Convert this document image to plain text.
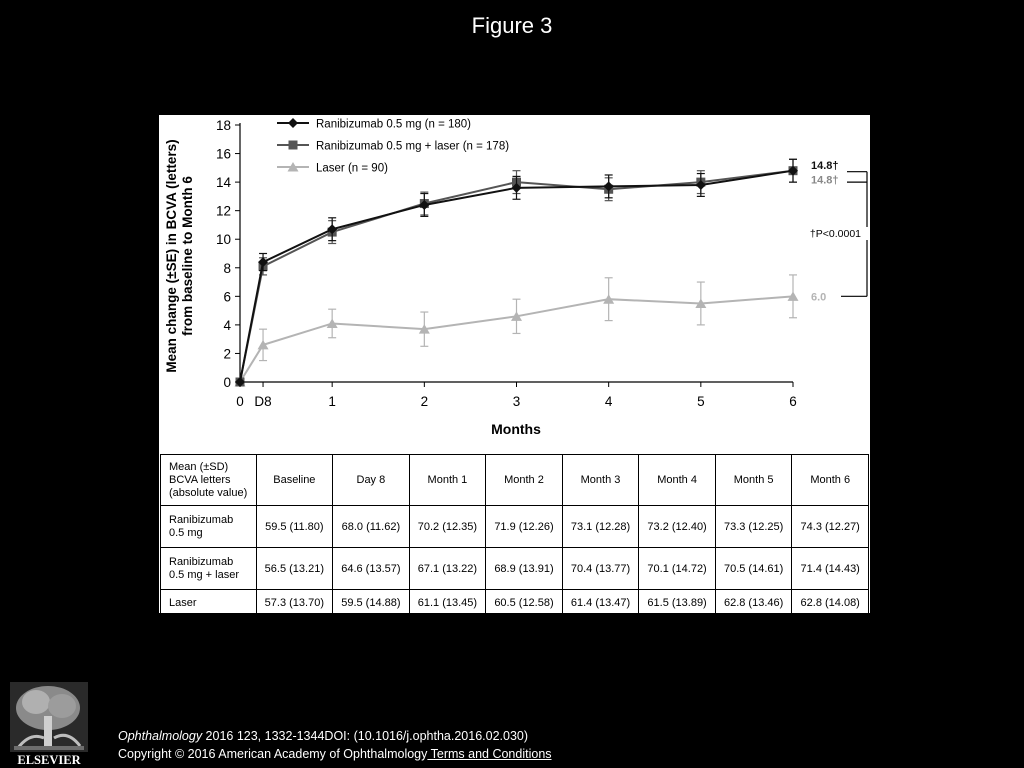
Figure 3
Mean change (±SE) in BCVA (letters) from baseline to Month 6
0
2
4
6
8
10
12
14
16
18
0 D8	1	2	3	4	5	6
Ranibizumab 0.5 mg (n = 180)
Ranibizumab 0.5 mg + laser (n = 178)
Laser (n = 90)	14.8†
14.8†
6.0
†P<0.0001
Months
Mean (±SD)
BCVA letters
(absolute value)	Baseline	Day 8	Month 1	Month 2	Month 3	Month 4	Month 5	Month 6

Ranibizumab
0.5 mg	59.5 (11.80)	68.0 (11.62)	70.2 (12.35)	71.9 (12.26)	73.1 (12.28)	73.2 (12.40)	73.3 (12.25)	74.3 (12.27)

Ranibizumab
0.5 mg + laser	56.5 (13.21)	64.6 (13.57)	67.1 (13.22)	68.9 (13.91)	70.4 (13.77)	70.1 (14.72)	70.5 (14.61)	71.4 (14.43)

Laser	57.3 (13.70)	59.5 (14.88)	61.1 (13.45)	60.5 (12.58)	61.4 (13.47)	61.5 (13.89)	62.8 (13.46)	62.8 (14.08)
ELSEVIER
Ophthalmology 2016 123, 1332-1344DOI: (10.1016/j.ophtha.2016.02.030)
Copyright © 2016 American Academy of Ophthalmology Terms and Conditions
